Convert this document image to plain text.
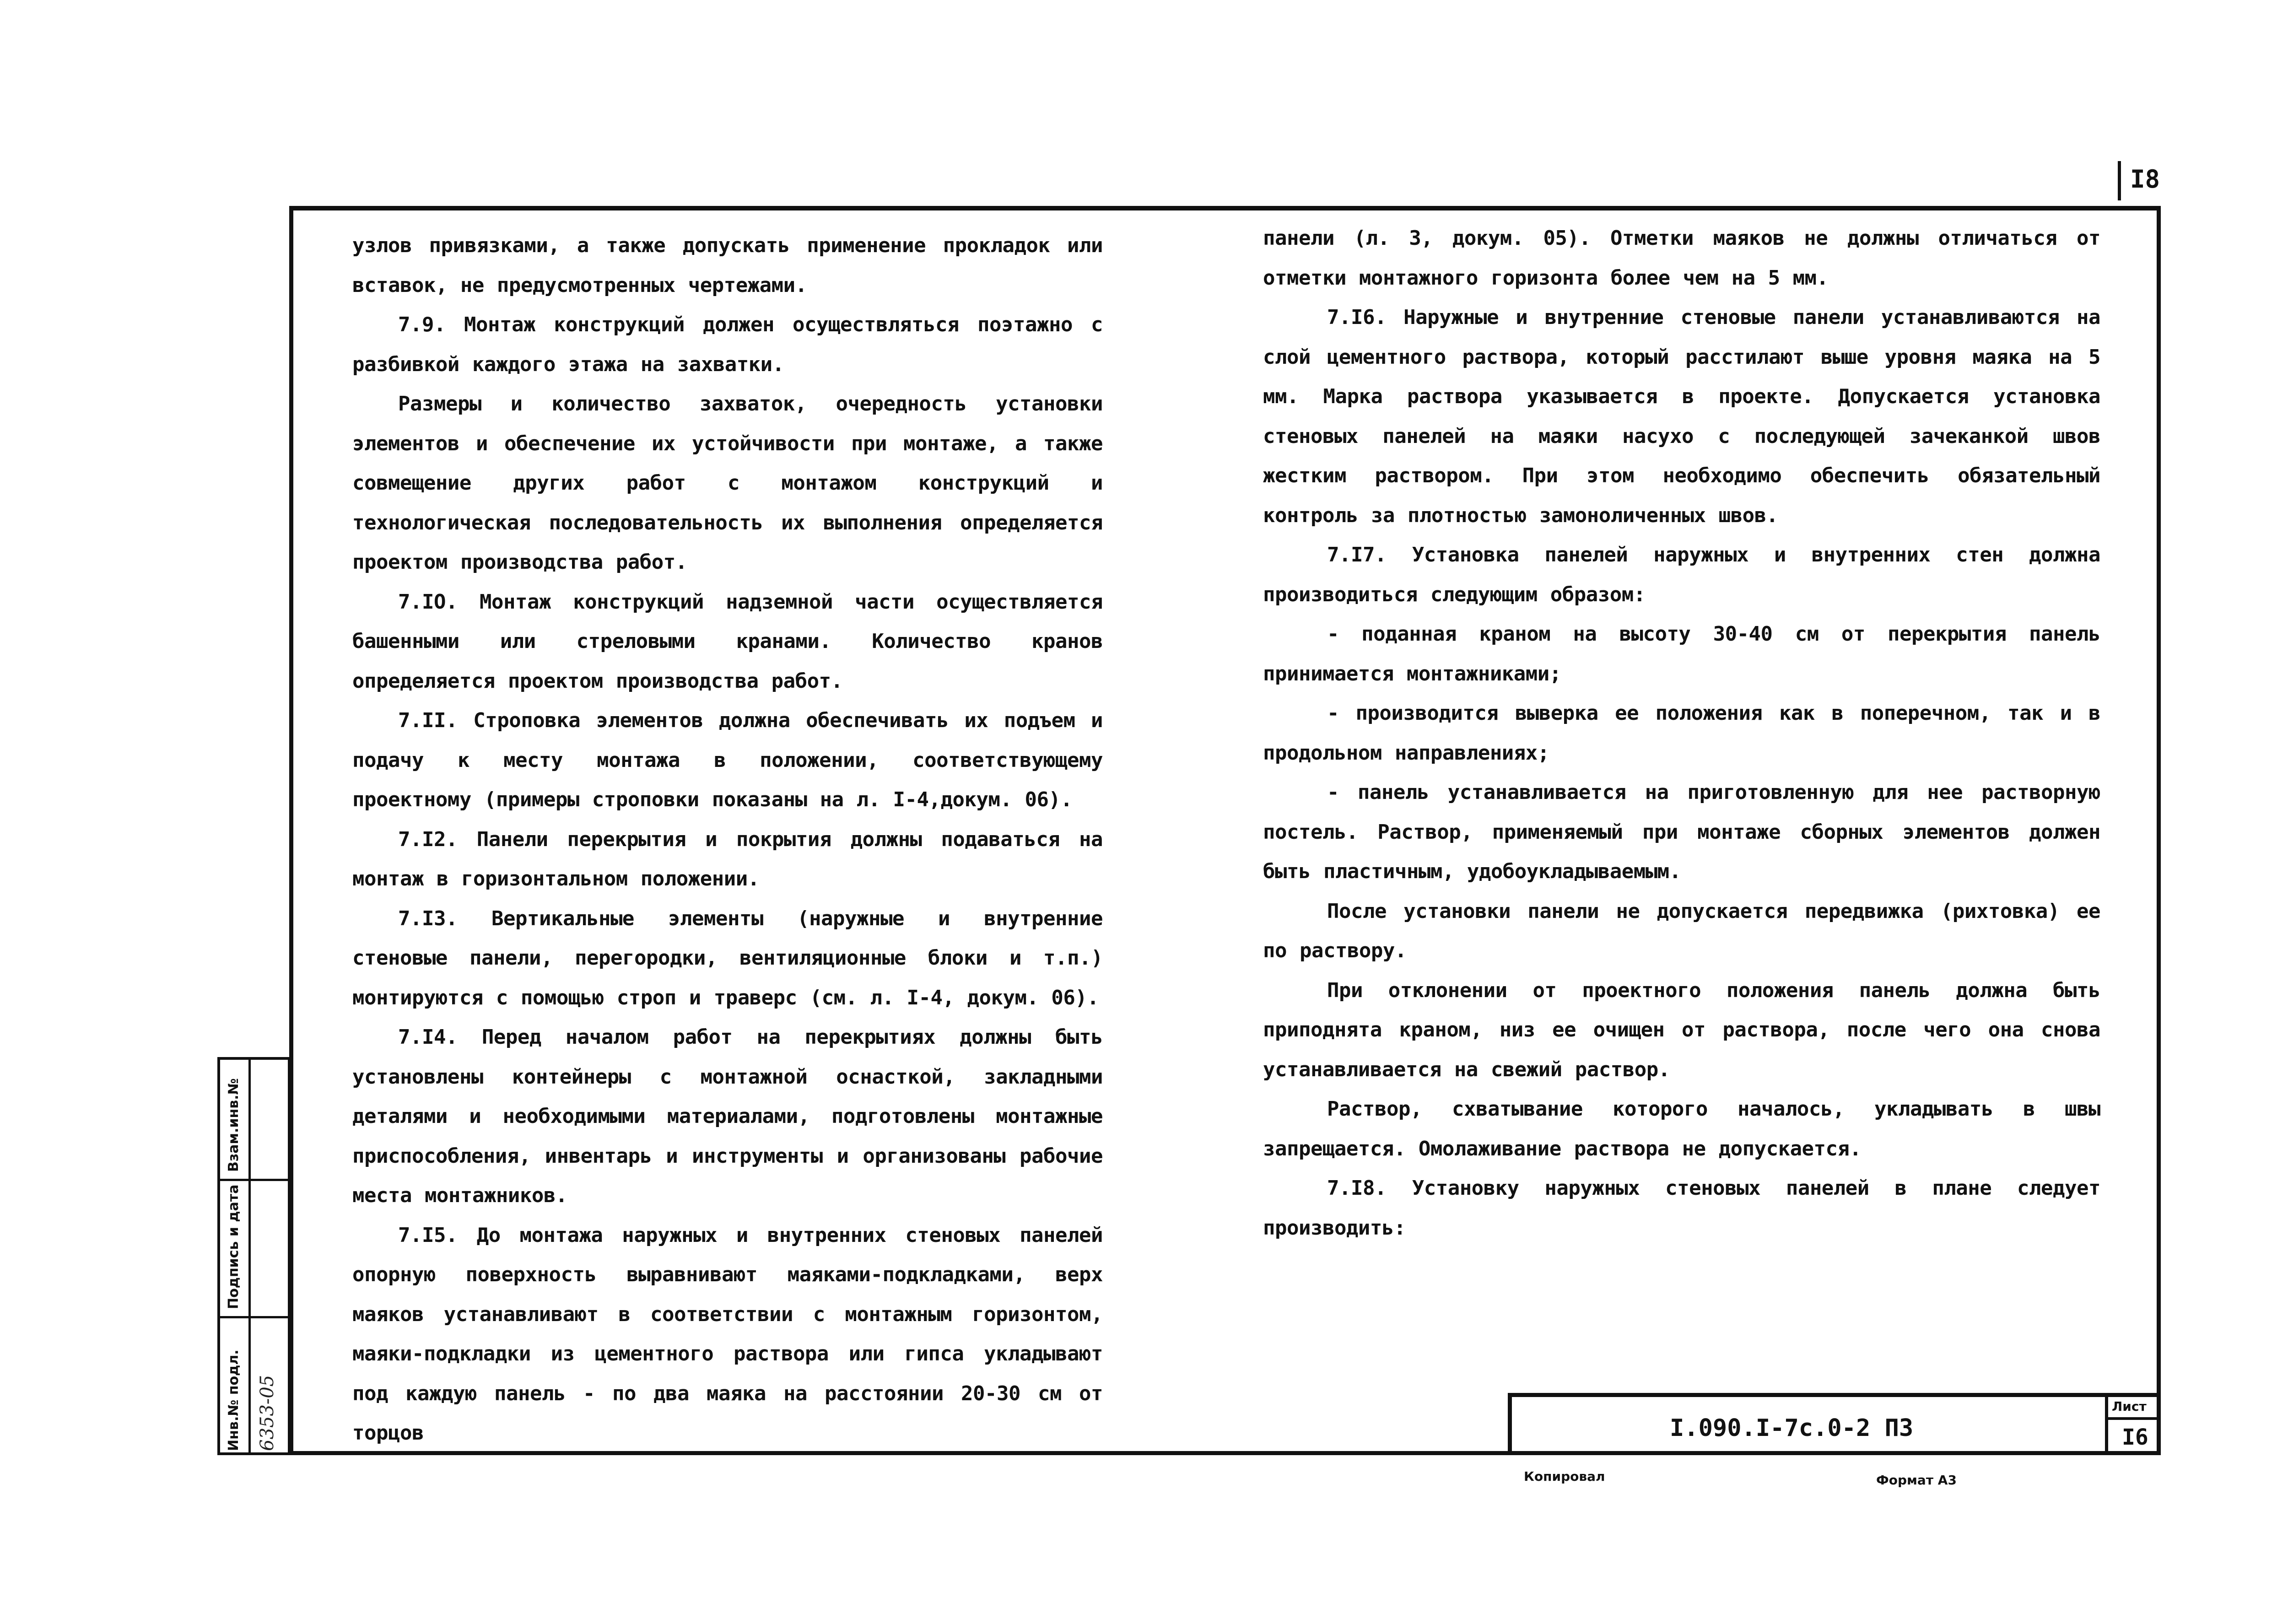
I8

узлов привязками, а также допускать применение прокладок или вставок, не предусмотренных чертежами.

7.9. Монтаж конструкций должен осуществляться поэтажно с разбивкой каждого этажа на захватки.

Размеры и количество захваток, очередность установки элементов и обеспечение их устойчивости при монтаже, а также совмещение других работ с монтажом конструкций и технологическая последовательность их выполнения определяется проектом производства работ.

7.IO. Монтаж конструкций надземной части осуществляется башенными или стреловыми кранами. Количество кранов определяется проектом производства работ.

7.II. Строповка элементов должна обеспечивать их подъем и подачу к месту монтажа в положении, соответствующему проектному (примеры строповки показаны на л. I-4,докум. 06).

7.I2. Панели перекрытия и покрытия должны подаваться на монтаж в горизонтальном положении.

7.I3. Вертикальные элементы (наружные и внутренние стеновые панели, перегородки, вентиляционные блоки и т.п.) монтируются с помощью строп и траверс (см. л. I-4, докум. 06).

7.I4. Перед началом работ на перекрытиях должны быть установлены контейнеры с монтажной оснасткой, закладными деталями и необходимыми материалами, подготовлены монтажные приспособления, инвентарь и инструменты и организованы рабочие места монтажников.

7.I5. До монтажа наружных и внутренних стеновых панелей опорную поверхность выравнивают маяками-подкладками, верх маяков устанавливают в соответствии с монтажным горизонтом, маяки-подкладки из цементного раствора или гипса укладывают под каждую панель - по два маяка на расстоянии 20-30 см от торцов

панели (л. 3, докум. 05). Отметки маяков не должны отличаться от отметки монтажного горизонта более чем на 5 мм.

7.I6. Наружные и внутренние стеновые панели устанавливаются на слой цементного раствора, который расстилают выше уровня маяка на 5 мм. Марка раствора указывается в проекте. Допускается установка стеновых панелей на маяки насухо с последующей зачеканкой швов жестким раствором. При этом необходимо обеспечить обязательный контроль за плотностью замоноличенных швов.

7.I7. Установка панелей наружных и внутренних стен должна производиться следующим образом:

- поданная краном на высоту 30-40 см от перекрытия панель принимается монтажниками;

- производится выверка ее положения как в поперечном, так и в продольном направлениях;

- панель устанавливается на приготовленную для нее растворную постель. Раствор, применяемый при монтаже сборных элементов должен быть пластичным, удобоукладываемым.

После установки панели не допускается передвижка (рихтовка) ее по раствору.

При отклонении от проектного положения панель должна быть приподнята краном, низ ее очищен от раствора, после чего она снова устанавливается на свежий раствор.

Раствор, схватывание которого началось, укладывать в швы запрещается. Омолаживание раствора не допускается.

7.I8. Установку наружных стеновых панелей в плане следует производить:

Инв.№ подл.
Подпись и дата
Взам.инв.№
6353-05	I.090.I-7с.0-2 ПЗ
Лист
I6
Копировал	Формат А3
